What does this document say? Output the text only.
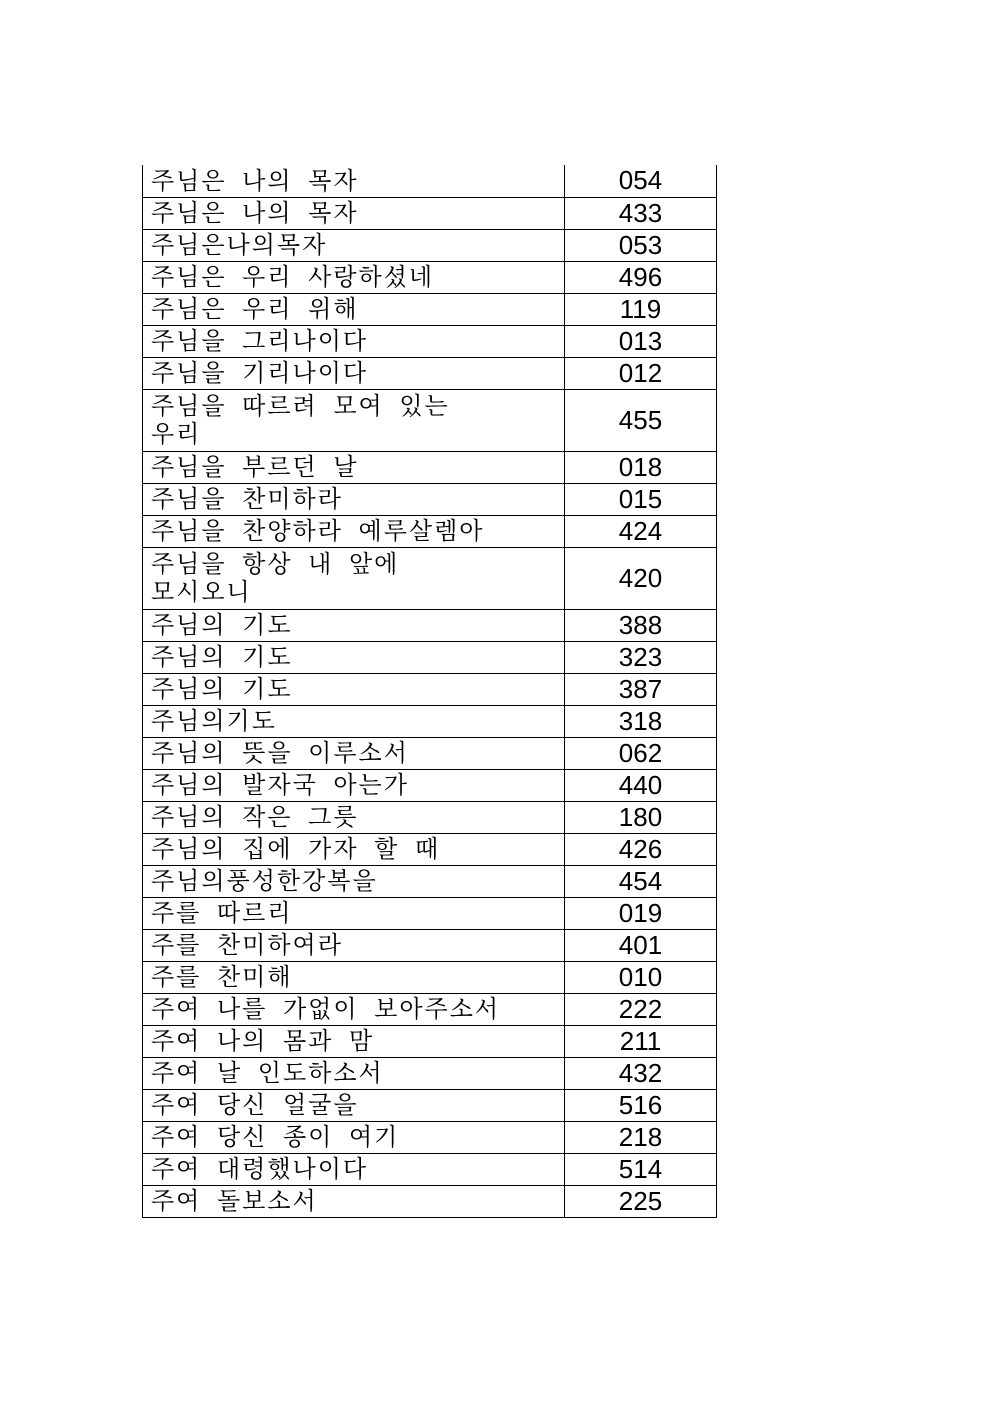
주님은 나의 목자	054
주님은 나의 목자	433
주님은나의목자	053
주님은 우리 사랑하셨네	496
주님은 우리 위해	119
주님을 그리나이다	013
주님을 기리나이다	012
주님을 따르려 모여 있는
우리	455
주님을 부르던 날	018
주님을 찬미하라	015
주님을 찬양하라 예루살렘아	424
주님을 항상 내 앞에
모시오니	420
주님의 기도	388
주님의 기도	323
주님의 기도	387
주님의기도	318
주님의 뜻을 이루소서	062
주님의 발자국 아는가	440
주님의 작은 그릇	180
주님의 집에 가자 할 때	426
주님의풍성한강복을	454
주를 따르리	019
주를 찬미하여라	401
주를 찬미해	010
주여 나를 가없이 보아주소서	222
주여 나의 몸과 맘	211
주여 날 인도하소서	432
주여 당신 얼굴을	516
주여 당신 종이 여기	218
주여 대령했나이다	514
주여 돌보소서	225
